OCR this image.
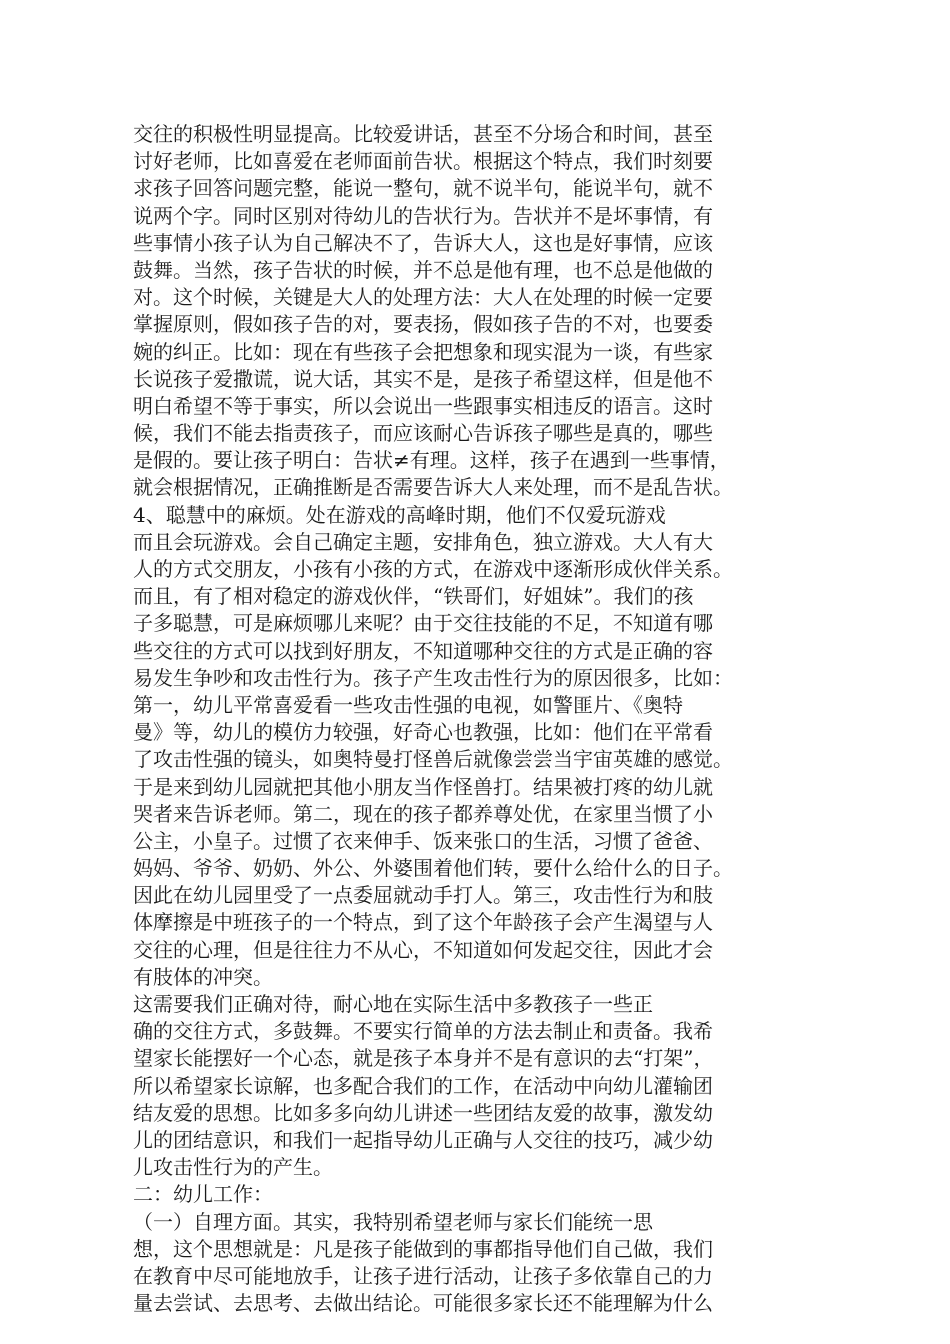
交往的积极性明显提高。比较爱讲话，甚至不分场合和时间，甚至
讨好老师，比如喜爱在老师面前告状。根据这个特点，我们时刻要
求孩子回答问题完整，能说一整句，就不说半句，能说半句，就不
说两个字。同时区别对待幼儿的告状行为。告状并不是坏事情，有
些事情小孩子认为自己解决不了，告诉大人，这也是好事情，应该
鼓舞。当然，孩子告状的时候，并不总是他有理，也不总是他做的
对。这个时候，关键是大人的处理方法：大人在处理的时候一定要
掌握原则，假如孩子告的对，要表扬，假如孩子告的不对，也要委
婉的纠正。比如：现在有些孩子会把想象和现实混为一谈，有些家
长说孩子爱撒谎，说大话，其实不是，是孩子希望这样，但是他不
明白希望不等于事实，所以会说出一些跟事实相违反的语言。这时
候，我们不能去指责孩子，而应该耐心告诉孩子哪些是真的，哪些
是假的。要让孩子明白：告状≠有理。这样，孩子在遇到一些事情，
就会根据情况，正确推断是否需要告诉大人来处理，而不是乱告状。
4、聪慧中的麻烦。处在游戏的高峰时期，他们不仅爱玩游戏
而且会玩游戏。会自己确定主题，安排角色，独立游戏。大人有大
人的方式交朋友，小孩有小孩的方式，在游戏中逐渐形成伙伴关系。
而且，有了相对稳定的游戏伙伴，“铁哥们，好姐妹”。我们的孩
子多聪慧，可是麻烦哪儿来呢？由于交往技能的不足，不知道有哪
些交往的方式可以找到好朋友，不知道哪种交往的方式是正确的容
易发生争吵和攻击性行为。孩子产生攻击性行为的原因很多，比如：
第一，幼儿平常喜爱看一些攻击性强的电视，如警匪片、《奥特
曼》等，幼儿的模仿力较强，好奇心也教强，比如：他们在平常看
了攻击性强的镜头，如奥特曼打怪兽后就像尝尝当宇宙英雄的感觉。
于是来到幼儿园就把其他小朋友当作怪兽打。结果被打疼的幼儿就
哭者来告诉老师。第二，现在的孩子都养尊处优，在家里当惯了小
公主，小皇子。过惯了衣来伸手、饭来张口的生活，习惯了爸爸、
妈妈、爷爷、奶奶、外公、外婆围着他们转，要什么给什么的日子。
因此在幼儿园里受了一点委屈就动手打人。第三，攻击性行为和肢
体摩擦是中班孩子的一个特点，到了这个年龄孩子会产生渴望与人
交往的心理，但是往往力不从心，不知道如何发起交往，因此才会
有肢体的冲突。
这需要我们正确对待，耐心地在实际生活中多教孩子一些正
确的交往方式，多鼓舞。不要实行简单的方法去制止和责备。我希
望家长能摆好一个心态，就是孩子本身并不是有意识的去“打架”，
所以希望家长谅解，也多配合我们的工作，在活动中向幼儿灌输团
结友爱的思想。比如多多向幼儿讲述一些团结友爱的故事，激发幼
儿的团结意识，和我们一起指导幼儿正确与人交往的技巧，减少幼
儿攻击性行为的产生。
二：幼儿工作：
（一）自理方面。其实，我特别希望老师与家长们能统一思
想，这个思想就是：凡是孩子能做到的事都指导他们自己做，我们
在教育中尽可能地放手，让孩子进行活动，让孩子多依靠自己的力
量去尝试、去思考、去做出结论。可能很多家长还不能理解为什么
